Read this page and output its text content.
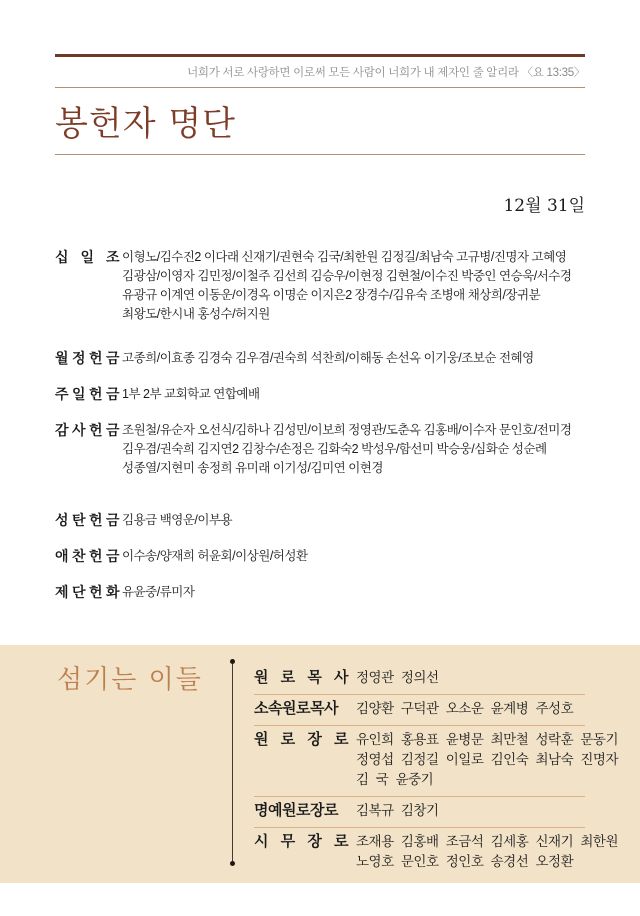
너희가 서로 사랑하면 이로써 모든 사람이 너희가 내 제자인 줄 알리라 〈요 13:35〉
봉헌자 명단
12월 31일
십 일 조 이형노/김수진2 이다래 신재기/권현숙 김국/최한원 김정길/최남숙 고규병/진명자 고혜영
김광삼/이영자 김민정/이철주 김선희 김승우/이현정 김현철/이수진 박중인 연승욱/서수경
유광규 이계연 이동운/이경옥 이명순 이지은2 장경수/김유숙 조병애 채상희/장귀분
최왕도/한시내 홍성수/허지원
월 정 헌 금 고종희/이효종 김경숙 김우겸/권숙희 석찬희/이해동 손선옥 이기웅/조보순 전혜영
주 일 헌 금 1부 2부 교회학교 연합예배
감 사 헌 금 조원철/유순자 오선식/김하나 김성민/이보희 정영관/도춘옥 김홍배/이수자 문인호/전미경
김우겸/권숙희 김지연2 김창수/손정은 김화숙2 박성우/함선미 박승웅/심화순 성순례
성종열/지현미 송정희 유미래 이기성/김미연 이현경
성 탄 헌 금 김용금 백영운/이부용
애 찬 헌 금 이수송/양재희 허윤회/이상원/허성환
제 단 헌 화 유윤중/류미자
섬기는 이들	원 로 목 사 정영관 정의선
소속원로목사	김양환 구덕관 오소운 윤계병 주성호
원 로 장 로 유인희 홍용표 윤병문 최만철 성락훈 문동기
정영섭 김정길 이일로 김인숙 최남숙 진명자
김 국 윤중기
명예원로장로	김복규 김창기
시 무 장 로 조재용 김홍배 조금석 김세홍 신재기 최한원
노영호 문인호 정인호 송경선 오정환
